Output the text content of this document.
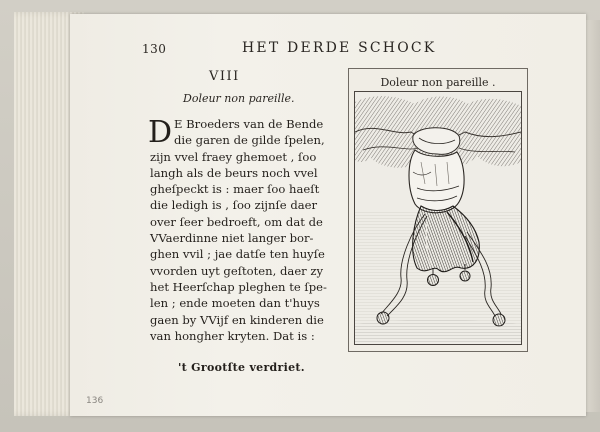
130	HET DERDE SCHOCK
VIII
Doleur non pareille.
D E Broeders van de Bende
die garen de gilde ſpelen,
zijn vvel fraey ghemoet , ſoo
langh als de beurs noch vvel
gheſpeckt is : maer ſoo haeſt
die ledigh is , ſoo zijnſe daer
over ſeer bedroeft, om dat de
VVaerdinne niet langer bor-
ghen vvil ; jae datſe ten huyſe
vvorden uyt geſtoten, daer zy
het Heerſchap pleghen te ſpe-
len ; ende moeten dan t'huys
gaen by VVijf en kinderen die
van hongher kryten. Dat is :
't Grootſte verdriet.
136
Doleur non pareille .
